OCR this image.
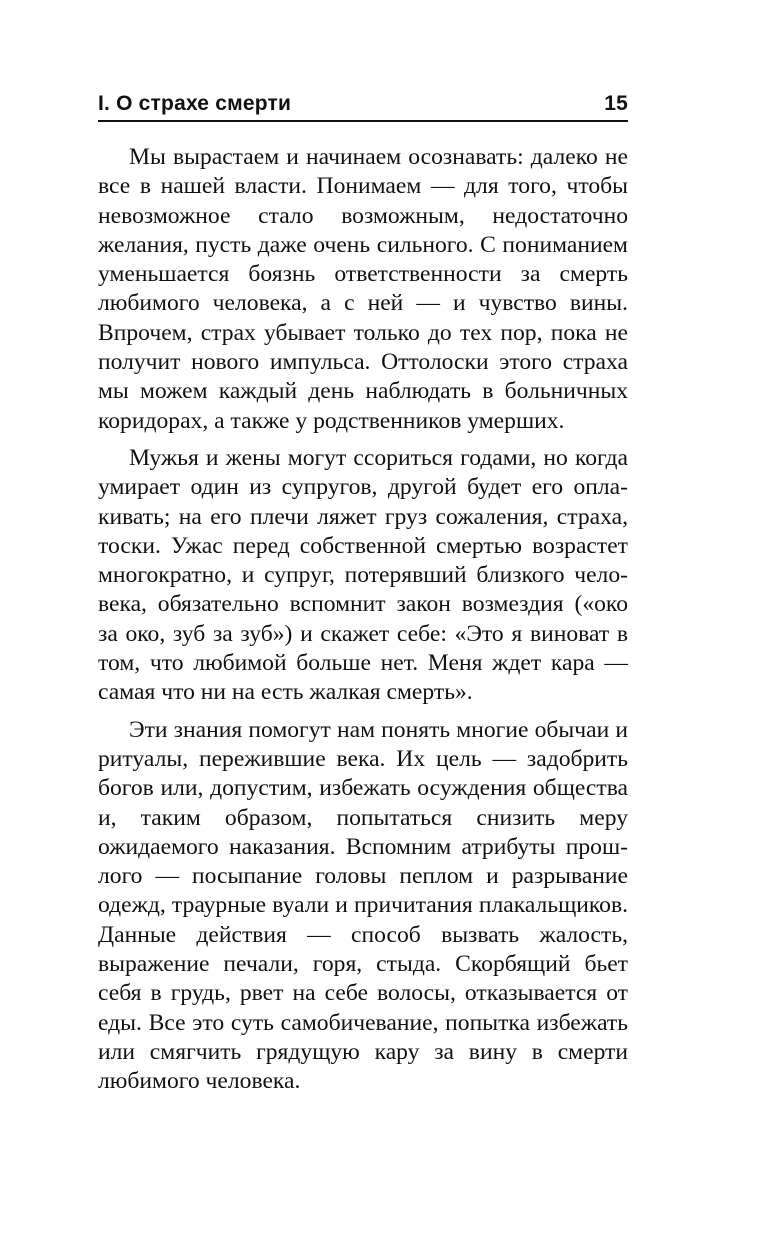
I. О страхе смерти	15

Мы вырастаем и начинаем осознавать: далеко не все в нашей власти. Понимаем — для того, чтобы невозможное стало возможным, недостаточно желания, пусть даже очень сильного. С пониманием уменьшается боязнь ответственности за смерть любимого человека, а с ней — и чувство вины. Впрочем, страх убывает только до тех пор, пока не получит нового импульса. Оттолоски этого страха мы можем каждый день наблюдать в больничных коридорах, а также у родственников умерших.

Мужья и жены могут ссориться годами, но когда умирает один из супругов, другой будет его оплакивать; на его плечи ляжет груз сожаления, страха, тоски. Ужас перед собственной смертью возрастет многократно, и супруг, потерявший близкого человека, обязательно вспомнит закон возмездия («око за око, зуб за зуб») и скажет себе: «Это я виноват в том, что любимой больше нет. Меня ждет кара — самая что ни на есть жалкая смерть».

Эти знания помогут нам понять многие обычаи и ритуалы, пережившие века. Их цель — задобрить богов или, допустим, избежать осуждения общества и, таким образом, попытаться снизить меру ожидаемого наказания. Вспомним атрибуты прошлого — посыпание головы пеплом и разрывание одежд, траурные вуали и причитания плакальщиков. Данные действия — способ вызвать жалость, выражение печали, горя, стыда. Скорбящий бьет себя в грудь, рвет на себе волосы, отказывается от еды. Все это суть самобичевание, попытка избежать или смягчить грядущую кару за вину в смерти любимого человека.
